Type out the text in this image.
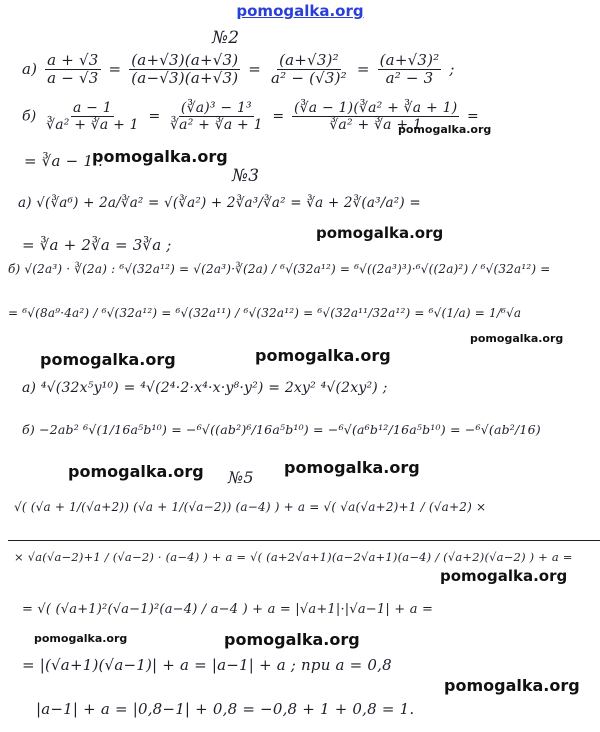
pomogalka.org
№2
$а) \frac{a + √3}{a - √3} = \frac{(a+√3)(a+√3)}{(a-√3)(a+√3)} = \frac{\text{(a+√3)²}}{\text{a² − (√3)²}} = \frac{\text{(a+√3)²}}{\text{a² − 3}}$ ;
$б) \frac{a - 1}{\text{∛a² + ∛a + 1}} = \frac{\text{(∛a)³ − 1³}}{\text{∛a² + ∛a + 1}} = \frac{\text{(∛a − 1)(∛a² + ∛a + 1)}}{\text{∛a² + ∛a + 1}}$ =
pomogalka.org
= ∛a − 1 .
pomogalka.org
№3
а) √(∛a⁶) + 2a/∛a² = √(∛a²) + 2∛a³/∛a² = ∛a + 2∛(a³/a²) =
pomogalka.org
= ∛a + 2∛a = 3∛a ;
б) √(2a³) · ∛(2a) : ⁶√(32a¹²) = √(2a³)·∛(2a) / ⁶√(32a¹²) = ⁶√((2a³)³)·⁶√((2a)²) / ⁶√(32a¹²) =
= ⁶√(8a⁹·4a²) / ⁶√(32a¹²) = ⁶√(32a¹¹) / ⁶√(32a¹²) = ⁶√(32a¹¹/32a¹²) = ⁶√(1/a) = 1/⁶√a
pomogalka.org
pomogalka.org	pomogalka.org
а) ⁴√(32x⁵y¹⁰) = ⁴√(2⁴·2·x⁴·x·y⁸·y²) = 2xy² ⁴√(2xy²) ;
б) −2ab² ⁶√(1/16a⁵b¹⁰) = −⁶√((ab²)⁶/16a⁵b¹⁰) = −⁶√(a⁶b¹²/16a⁵b¹⁰) = −⁶√(ab²/16)
pomogalka.org	pomogalka.org
№5
√( (√a + 1/(√a+2)) (√a + 1/(√a−2)) (a−4) ) + a = √( √a(√a+2)+1 / (√a+2) ×
× √a(√a−2)+1 / (√a−2) · (a−4) ) + a = √( (a+2√a+1)(a−2√a+1)(a−4) / (√a+2)(√a−2) ) + a =
pomogalka.org
= √( (√a+1)²(√a−1)²(a−4) / a−4 ) + a = |√a+1|·|√a−1| + a =
pomogalka.org	pomogalka.org
= |(√a+1)(√a−1)| + a = |a−1| + a ; при a = 0,8
pomogalka.org
|a−1| + a = |0,8−1| + 0,8 = −0,8 + 1 + 0,8 = 1.
